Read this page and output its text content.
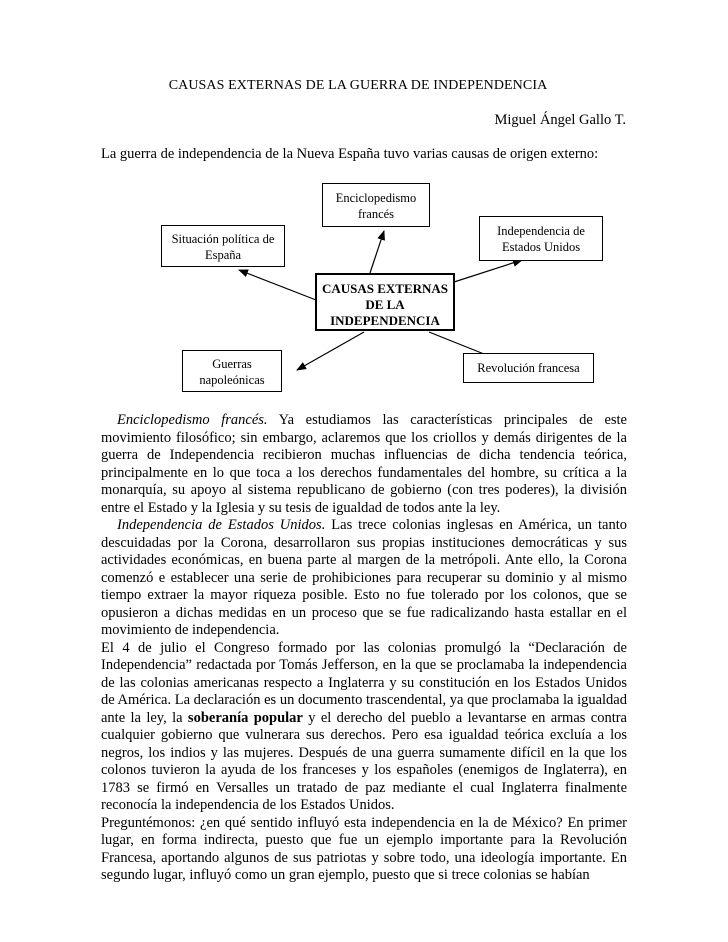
CAUSAS EXTERNAS DE LA GUERRA DE INDEPENDENCIA
Miguel Ángel Gallo T.
La guerra de independencia de la Nueva España tuvo varias causas de origen externo:
Enciclopedismo francés
Independencia de Estados Unidos
Situación política de España
CAUSAS EXTERNAS DE LA INDEPENDENCIA
Guerras napoleónicas
Revolución francesa

Enciclopedismo francés. Ya estudiamos las características principales de este movimiento filosófico; sin embargo, aclaremos que los criollos y demás dirigentes de la guerra de Independencia recibieron muchas influencias de dicha tendencia teórica, principalmente en lo que toca a los derechos fundamentales del hombre, su crítica a la monarquía, su apoyo al sistema republicano de gobierno (con tres poderes), la división entre el Estado y la Iglesia y su tesis de igualdad de todos ante la ley.

Independencia de Estados Unidos. Las trece colonias inglesas en América, un tanto descuidadas por la Corona, desarrollaron sus propias instituciones democráticas y sus actividades económicas, en buena parte al margen de la metrópoli. Ante ello, la Corona comenzó e establecer una serie de prohibiciones para recuperar su dominio y al mismo tiempo extraer la mayor riqueza posible. Esto no fue tolerado por los colonos, que se opusieron a dichas medidas en un proceso que se fue radicalizando hasta estallar en el movimiento de independencia.

El 4 de julio el Congreso formado por las colonias promulgó la “Declaración de Independencia” redactada por Tomás Jefferson, en la que se proclamaba la independencia de las colonias americanas respecto a Inglaterra y su constitución en los Estados Unidos de América. La declaración es un documento trascendental, ya que proclamaba la igualdad ante la ley, la soberanía popular y el derecho del pueblo a levantarse en armas contra cualquier gobierno que vulnerara sus derechos. Pero esa igualdad teórica excluía a los negros, los indios y las mujeres. Después de una guerra sumamente difícil en la que los colonos tuvieron la ayuda de los franceses y los españoles (enemigos de Inglaterra), en 1783 se firmó en Versalles un tratado de paz mediante el cual Inglaterra finalmente reconocía la independencia de los Estados Unidos.

Preguntémonos: ¿en qué sentido influyó esta independencia en la de México? En primer lugar, en forma indirecta, puesto que fue un ejemplo importante para la Revolución Francesa, aportando algunos de sus patriotas y sobre todo, una ideología importante. En segundo lugar, influyó como un gran ejemplo, puesto que si trece colonias se habían
